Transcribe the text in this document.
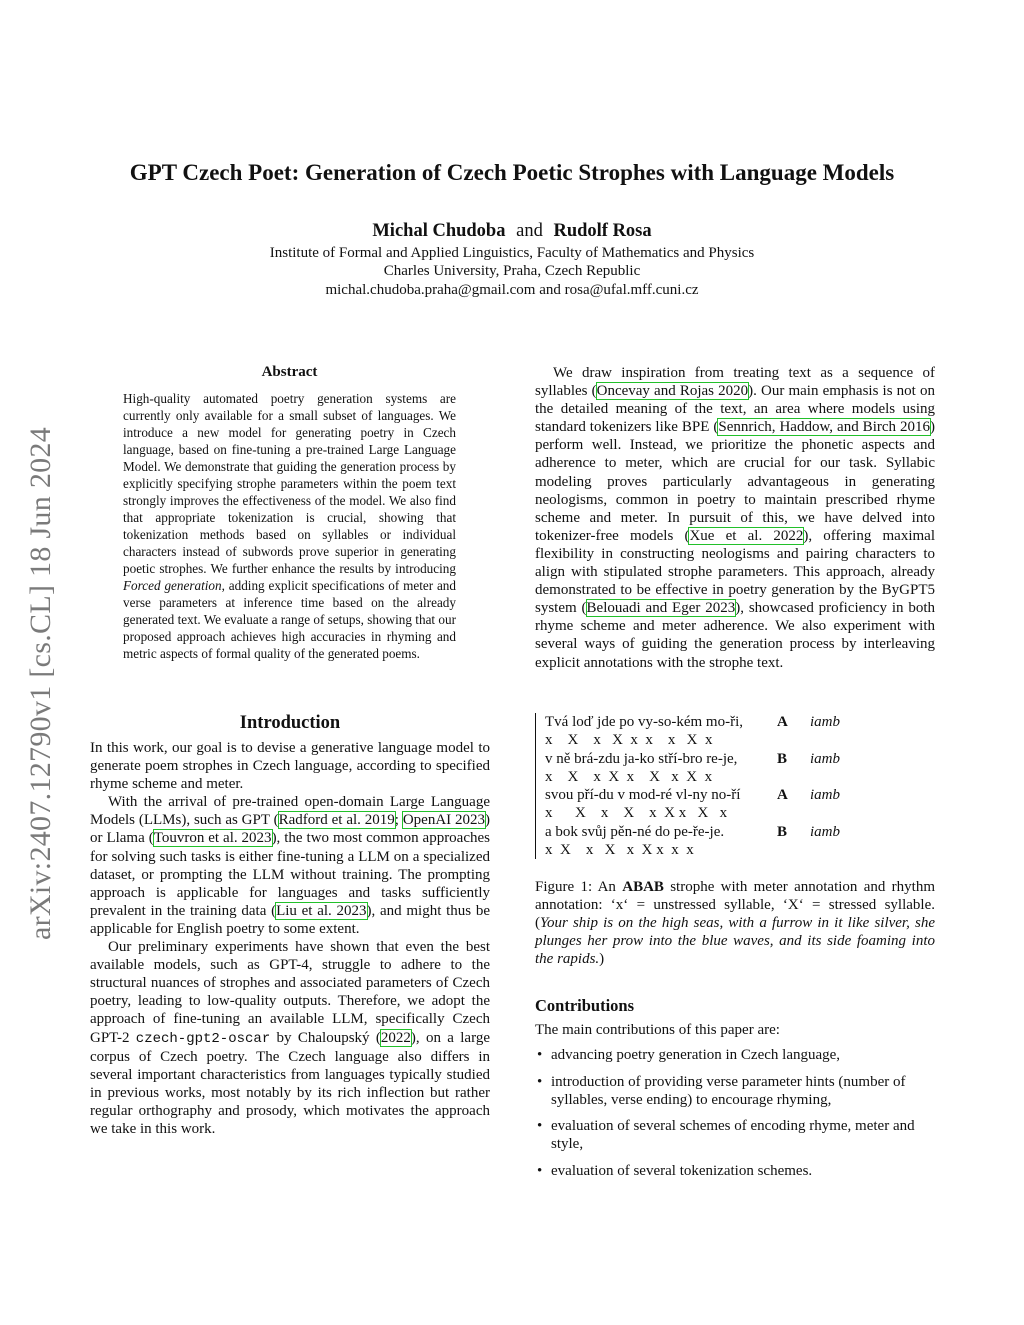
arXiv:2407.12790v1 [cs.CL] 18 Jun 2024
GPT Czech Poet: Generation of Czech Poetic Strophes with Language Models
Michal Chudoba and Rudolf Rosa
Institute of Formal and Applied Linguistics, Faculty of Mathematics and Physics
Charles University, Praha, Czech Republic
michal.chudoba.praha@gmail.com and rosa@ufal.mff.cuni.cz
Abstract
High-quality automated poetry generation systems are currently only available for a small subset of languages. We introduce a new model for generating poetry in Czech language, based on fine-tuning a pre-trained Large Language Model. We demonstrate that guiding the generation process by explicitly specifying strophe parameters within the poem text strongly improves the effectiveness of the model. We also find that appropriate tokenization is crucial, showing that tokenization methods based on syllables or individual characters instead of subwords prove superior in generating poetic strophes. We further enhance the results by introducing Forced generation, adding explicit specifications of meter and verse parameters at inference time based on the already generated text. We evaluate a range of setups, showing that our proposed approach achieves high accuracies in rhyming and metric aspects of formal quality of the generated poems.
Introduction
In this work, our goal is to devise a generative language model to generate poem strophes in Czech language, according to specified rhyme scheme and meter.
With the arrival of pre-trained open-domain Large Language Models (LLMs), such as GPT (Radford et al. 2019; OpenAI 2023) or Llama (Touvron et al. 2023), the two most common approaches for solving such tasks is either fine-tuning a LLM on a specialized dataset, or prompting the LLM without training. The prompting approach is applicable for languages and tasks sufficiently prevalent in the training data (Liu et al. 2023), and might thus be applicable for English poetry to some extent.
Our preliminary experiments have shown that even the best available models, such as GPT-4, struggle to adhere to the structural nuances of strophes and associated parameters of Czech poetry, leading to low-quality outputs. Therefore, we adopt the approach of fine-tuning an available LLM, specifically Czech GPT-2 czech-gpt2-oscar by Chaloupský (2022), on a large corpus of Czech poetry. The Czech language also differs in several important characteristics from languages typically studied in previous works, most notably by its rich inflection but rather regular orthography and prosody, which motivates the approach we take in this work.
We draw inspiration from treating text as a sequence of syllables (Oncevay and Rojas 2020). Our main emphasis is not on the detailed meaning of the text, an area where models using standard tokenizers like BPE (Sennrich, Haddow, and Birch 2016) perform well. Instead, we prioritize the phonetic aspects and adherence to meter, which are crucial for our task. Syllabic modeling proves particularly advantageous in generating neologisms, common in poetry to maintain prescribed rhyme scheme and meter. In pursuit of this, we have delved into tokenizer-free models (Xue et al. 2022), offering maximal flexibility in constructing neologisms and pairing characters to align with stipulated strophe parameters. This approach, already demonstrated to be effective in poetry generation by the ByGPT5 system (Belouadi and Eger 2023), showcased proficiency in both rhyme scheme and meter adherence. We also experiment with several ways of guiding the generation process by interleaving explicit annotations with the strophe text.
Tvá loď jde po vy-so-kém mo-ři,	A	iamb
x    X    x   X  x  x    x   X  x
v ně brá-zdu ja-ko stří-bro re-je,	B	iamb
x    X    x  X  x    X   x  X  x
svou pří-du v mod-ré vl-ny no-ří	A	iamb
x      X    x    X    x  X x   X   x
a bok svůj pěn-né do pe-ře-je.	B	iamb
x  X    x   X   x  X x  x  x
Figure 1: An ABAB strophe with meter annotation and rhythm annotation: ‘x‘ = unstressed syllable, ‘X‘ = stressed syllable. (Your ship is on the high seas, with a furrow in it like silver, she plunges her prow into the blue waves, and its side foaming into the rapids.)
Contributions
The main contributions of this paper are:
• advancing poetry generation in Czech language,
• introduction of providing verse parameter hints (number of syllables, verse ending) to encourage rhyming,
• evaluation of several schemes of encoding rhyme, meter and style,
• evaluation of several tokenization schemes.
